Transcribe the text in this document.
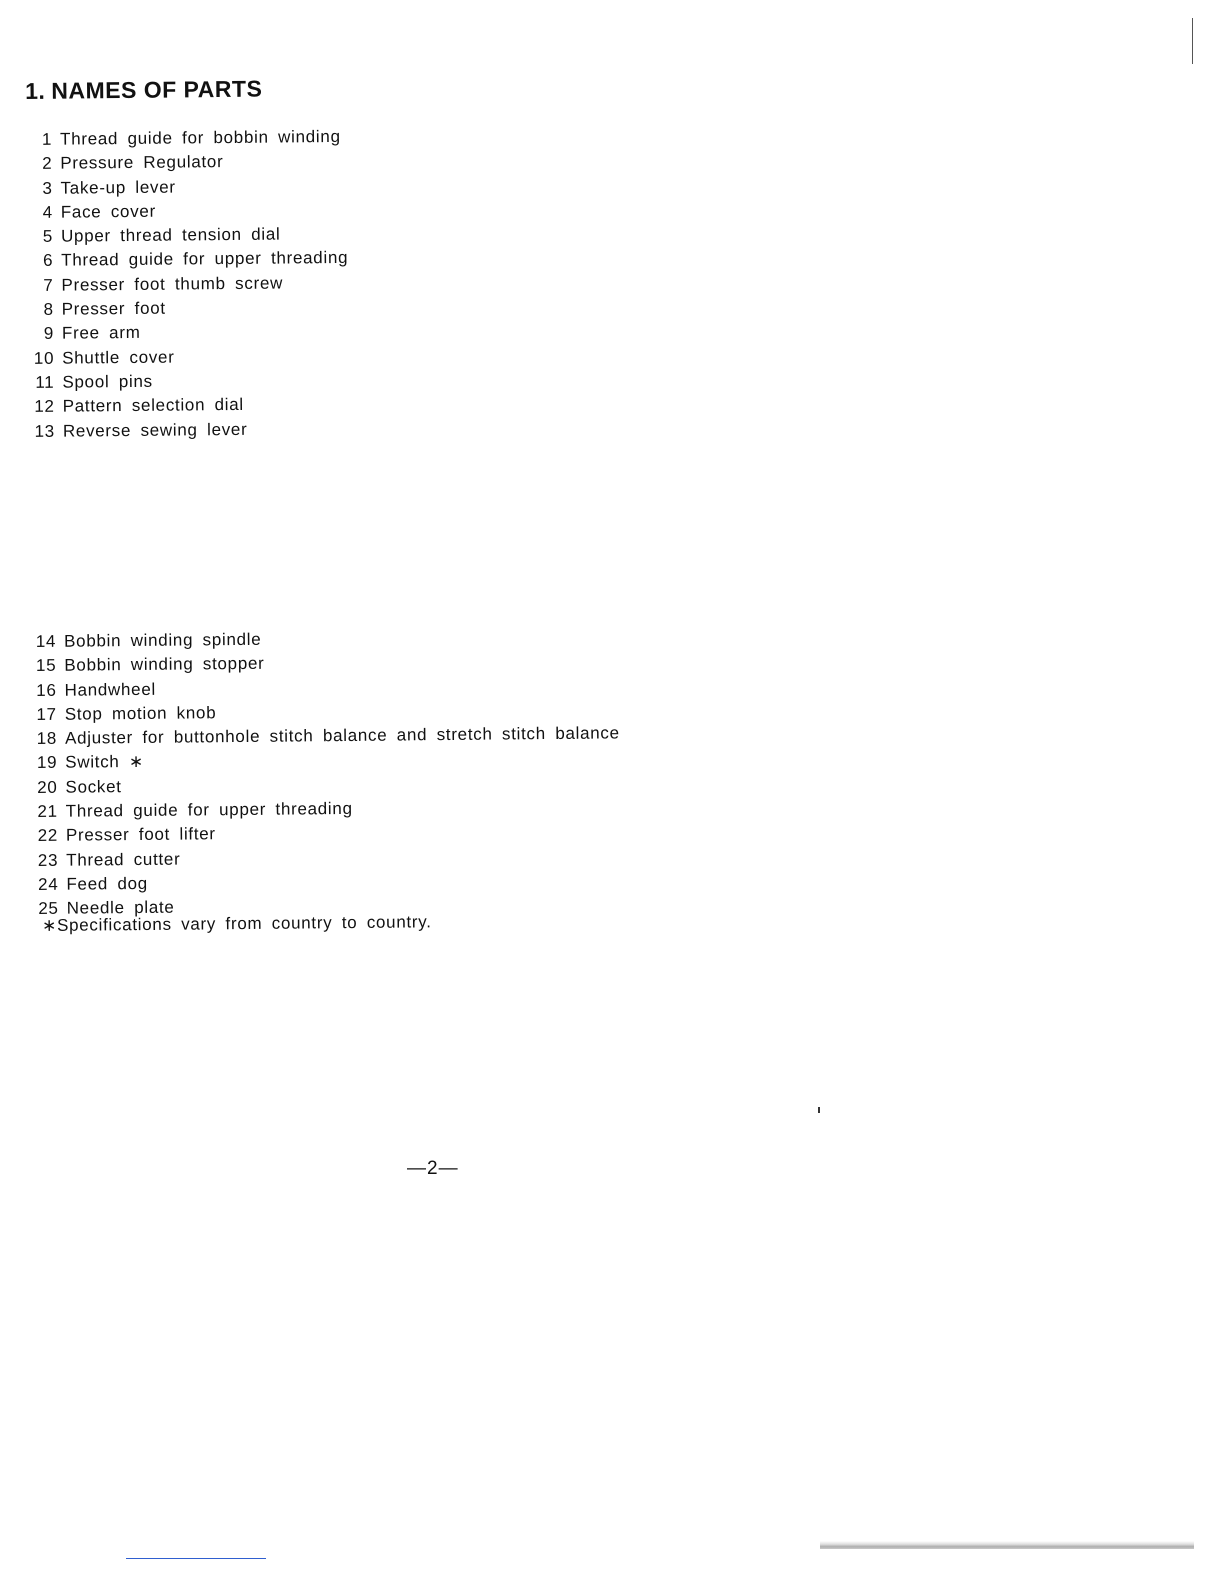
1. NAMES OF PARTS
1 Thread guide for bobbin winding
2 Pressure Regulator
3 Take-up lever
4 Face cover
5 Upper thread tension dial
6 Thread guide for upper threading
7 Presser foot thumb screw
8 Presser foot
9 Free arm
10 Shuttle cover
11 Spool pins
12 Pattern selection dial
13 Reverse sewing lever
14 Bobbin winding spindle
15 Bobbin winding stopper
16 Handwheel
17 Stop motion knob
18 Adjuster for buttonhole stitch balance and stretch stitch balance
19 Switch ∗
20 Socket
21 Thread guide for upper threading
22 Presser foot lifter
23 Thread cutter
24 Feed dog
25 Needle plate
∗Specifications vary from country to country.
—2—
